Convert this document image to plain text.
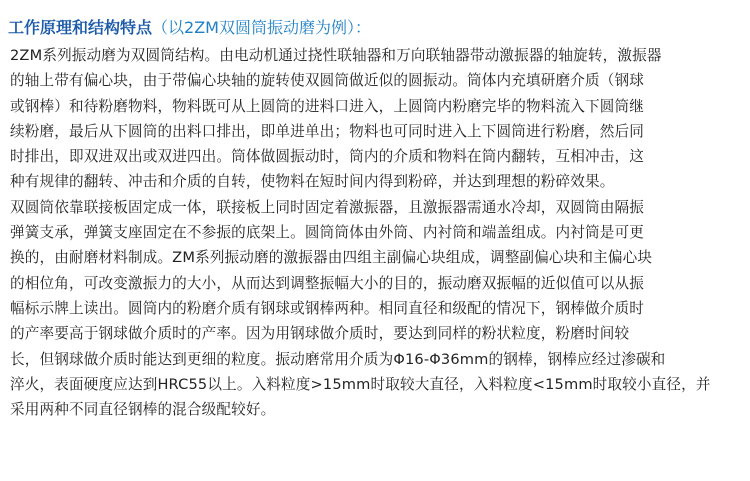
工作原理和结构特点 （以2ZM双圆筒振动磨为例）：
2ZM系列振动磨为双圆筒结构。由电动机通过挠性联轴器和万向联轴器带动激振器的轴旋转，激振器
的轴上带有偏心块，由于带偏心块轴的旋转使双圆筒做近似的圆振动。筒体内充填研磨介质（钢球
或钢棒）和待粉磨物料，物料既可从上圆筒的进料口进入，上圆筒内粉磨完毕的物料流入下圆筒继
续粉磨，最后从下圆筒的出料口排出，即单进单出；物料也可同时进入上下圆筒进行粉磨，然后同
时排出，即双进双出或双进四出。筒体做圆振动时，筒内的介质和物料在筒内翻转，互相冲击，这
种有规律的翻转、冲击和介质的自转，使物料在短时间内得到粉碎，并达到理想的粉碎效果。
双圆筒依靠联接板固定成一体，联接板上同时固定着激振器，且激振器需通水冷却，双圆筒由隔振
弹簧支承，弹簧支座固定在不参振的底架上。圆筒筒体由外筒、内衬筒和端盖组成。内衬筒是可更
换的，由耐磨材料制成。ZM系列振动磨的激振器由四组主副偏心块组成，调整副偏心块和主偏心块
的相位角，可改变激振力的大小，从而达到调整振幅大小的目的，振动磨双振幅的近似值可以从振
幅标示牌上读出。圆筒内的粉磨介质有钢球或钢棒两种。相同直径和级配的情况下，钢棒做介质时
的产率要高于钢球做介质时的产率。因为用钢球做介质时，要达到同样的粉状粒度，粉磨时间较
长，但钢球做介质时能达到更细的粒度。振动磨常用介质为Φ16-Φ36mm的钢棒，钢棒应经过渗碳和
淬火，表面硬度应达到HRC55以上。入料粒度>15mm时取较大直径，入料粒度<15mm时取较小直径，并
采用两种不同直径钢棒的混合级配较好。
